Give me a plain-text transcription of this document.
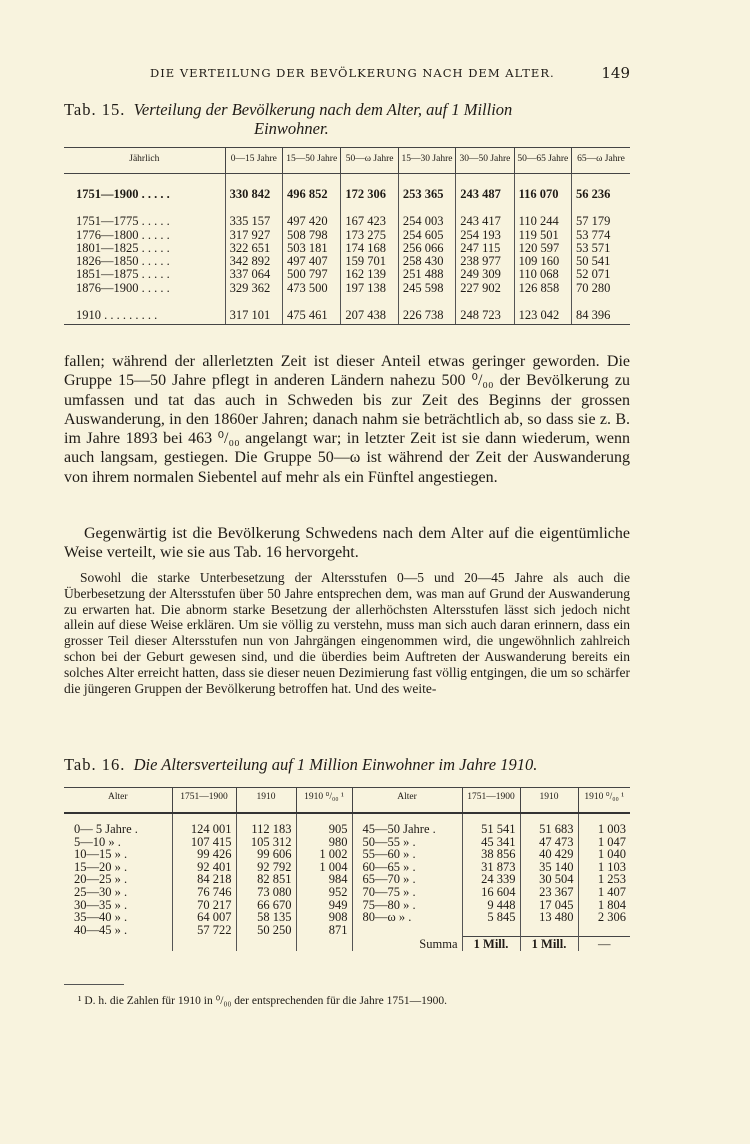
DIE VERTEILUNG DER BEVÖLKERUNG NACH DEM ALTER.	149
Tab. 15. Verteilung der Bevölkerung nach dem Alter, auf 1 Million
Einwohner.
Jährlich	0—15 Jahre	15—50 Jahre	50—ω Jahre	15—30 Jahre	30—50 Jahre	50—65 Jahre	65—ω Jahre

1751—1900 . . . . .	330 842	496 852	172 306	253 365	243 487	116 070	56 236

1751—1775 . . . . .	335 157	497 420	167 423	254 003	243 417	110 244	57 179
1776—1800 . . . . .	317 927	508 798	173 275	254 605	254 193	119 501	53 774
1801—1825 . . . . .	322 651	503 181	174 168	256 066	247 115	120 597	53 571
1826—1850 . . . . .	342 892	497 407	159 701	258 430	238 977	109 160	50 541
1851—1875 . . . . .	337 064	500 797	162 139	251 488	249 309	110 068	52 071
1876—1900 . . . . .	329 362	473 500	197 138	245 598	227 902	126 858	70 280

1910 . . . . . . . . .	317 101	475 461	207 438	226 738	248 723	123 042	84 396
fallen; während der allerletzten Zeit ist dieser Anteil etwas geringer geworden. Die Gruppe 15—50 Jahre pflegt in anderen Ländern nahezu 500 ⁰/₀₀ der Bevölkerung zu umfassen und tat das auch in Schweden bis zur Zeit des Beginns der grossen Auswanderung, in den 1860er Jahren; danach nahm sie beträchtlich ab, so dass sie z. B. im Jahre 1893 bei 463 ⁰/₀₀ angelangt war; in letzter Zeit ist sie dann wiederum, wenn auch langsam, gestiegen. Die Gruppe 50—ω ist während der Zeit der Auswanderung von ihrem normalen Siebentel auf mehr als ein Fünftel angestiegen.
Gegenwärtig ist die Bevölkerung Schwedens nach dem Alter auf die eigentümliche Weise verteilt, wie sie aus Tab. 16 hervorgeht.
Sowohl die starke Unterbesetzung der Altersstufen 0—5 und 20—45 Jahre als auch die Überbesetzung der Altersstufen über 50 Jahre entsprechen dem, was man auf Grund der Auswanderung zu erwarten hat. Die abnorm starke Besetzung der allerhöchsten Altersstufen lässt sich jedoch nicht allein auf diese Weise erklären. Um sie völlig zu verstehn, muss man sich auch daran erinnern, dass ein grosser Teil dieser Altersstufen nun von Jahrgängen eingenommen wird, die ungewöhnlich zahlreich schon bei der Geburt gewesen sind, und die überdies beim Auftreten der Auswanderung bereits ein solches Alter erreicht hatten, dass sie dieser neuen Dezimierung fast völlig entgingen, die um so schärfer die jüngeren Gruppen der Bevölkerung betroffen hat. Und des weite-
Tab. 16. Die Altersverteilung auf 1 Million Einwohner im Jahre 1910.
Alter	1751—1900	1910	1910 ⁰/₀₀ ¹	Alter	1751—1900	1910	1910 ⁰/₀₀ ¹

0— 5 Jahre .	124 001	112 183	905	45—50 Jahre .	51 541	51 683	1 003
5—10 » .	107 415	105 312	980	50—55 » .	45 341	47 473	1 047
10—15 » .	99 426	99 606	1 002	55—60 » .	38 856	40 429	1 040
15—20 » .	92 401	92 792	1 004	60—65 » .	31 873	35 140	1 103
20—25 » .	84 218	82 851	984	65—70 » .	24 339	30 504	1 253
25—30 » .	76 746	73 080	952	70—75 » .	16 604	23 367	1 407
30—35 » .	70 217	66 670	949	75—80 » .	9 448	17 045	1 804
35—40 » .	64 007	58 135	908	80—ω » .	5 845	13 480	2 306
40—45 » .	57 722	50 250	871				
				Summa	1 Mill.	1 Mill.	—
¹ D. h. die Zahlen für 1910 in ⁰/₀₀ der entsprechenden für die Jahre 1751—1900.
